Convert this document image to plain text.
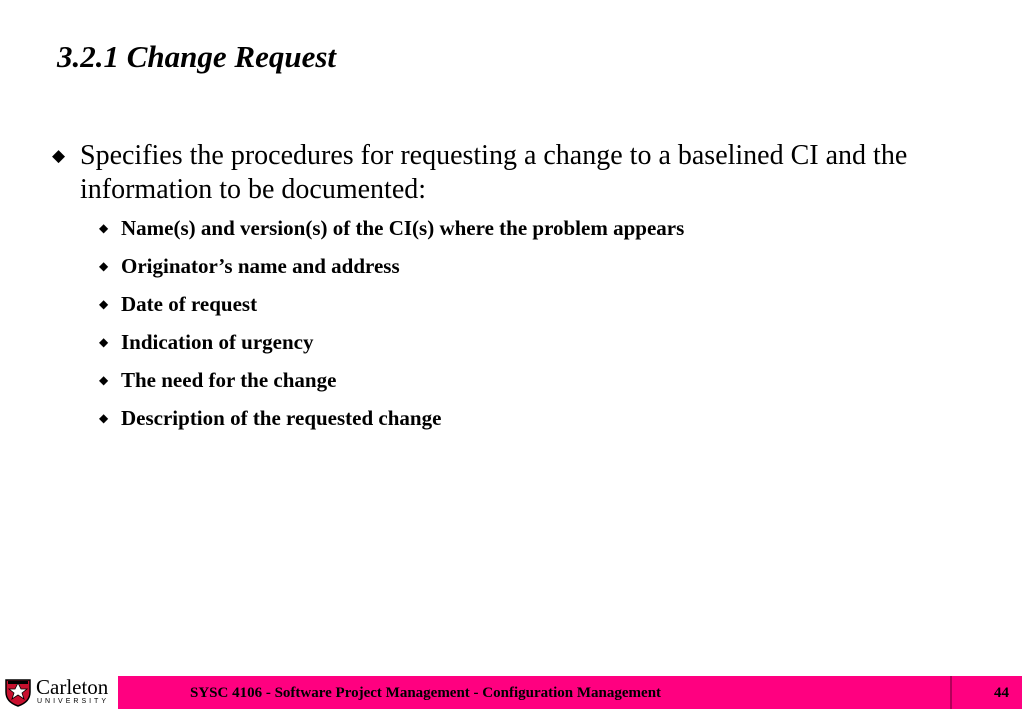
3.2.1 Change Request
◆ Specifies the procedures for requesting a change to a baselined CI and the information to be documented:
◆ Name(s) and version(s) of the CI(s) where the problem appears
◆ Originator’s name and address
◆ Date of request
◆ Indication of urgency
◆ The need for the change
◆ Description of the requested change
Carleton
UNIVERSITY
SYSC 4106 - Software Project Management - Configuration Management	44
